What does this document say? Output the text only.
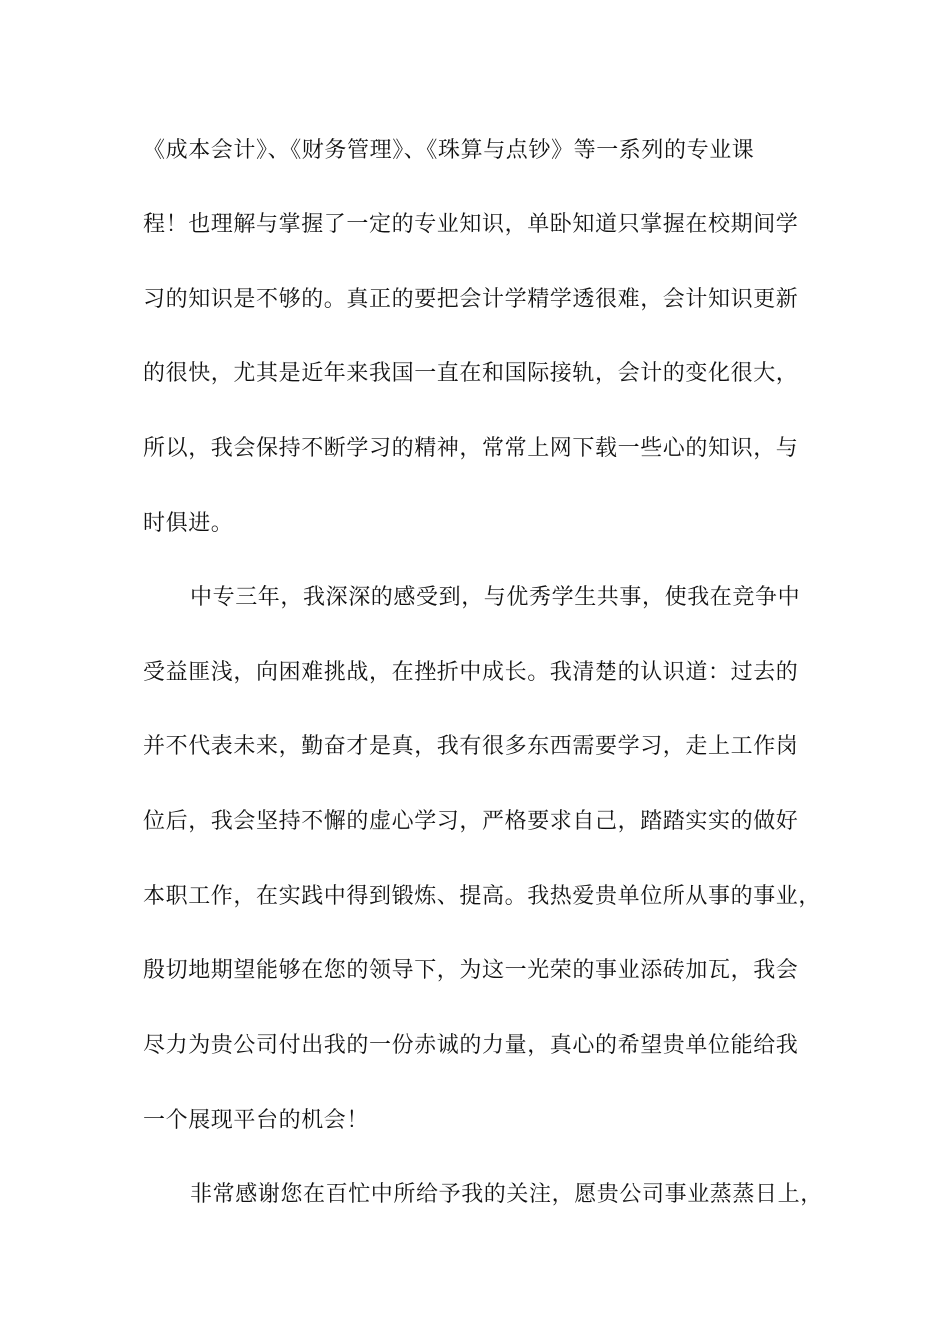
《成本会计》、《财务管理》、《珠算与点钞》等一系列的专业课
程！也理解与掌握了一定的专业知识，单卧知道只掌握在校期间学
习的知识是不够的。真正的要把会计学精学透很难，会计知识更新
的很快，尤其是近年来我国一直在和国际接轨，会计的变化很大，
所以，我会保持不断学习的精神，常常上网下载一些心的知识，与
时俱进。
中专三年，我深深的感受到，与优秀学生共事，使我在竞争中
受益匪浅，向困难挑战，在挫折中成长。我清楚的认识道：过去的
并不代表未来，勤奋才是真，我有很多东西需要学习，走上工作岗
位后，我会坚持不懈的虚心学习，严格要求自己，踏踏实实的做好
本职工作，在实践中得到锻炼、提高。我热爱贵单位所从事的事业，
殷切地期望能够在您的领导下，为这一光荣的事业添砖加瓦，我会
尽力为贵公司付出我的一份赤诚的力量，真心的希望贵单位能给我
一个展现平台的机会！
非常感谢您在百忙中所给予我的关注，愿贵公司事业蒸蒸日上，
